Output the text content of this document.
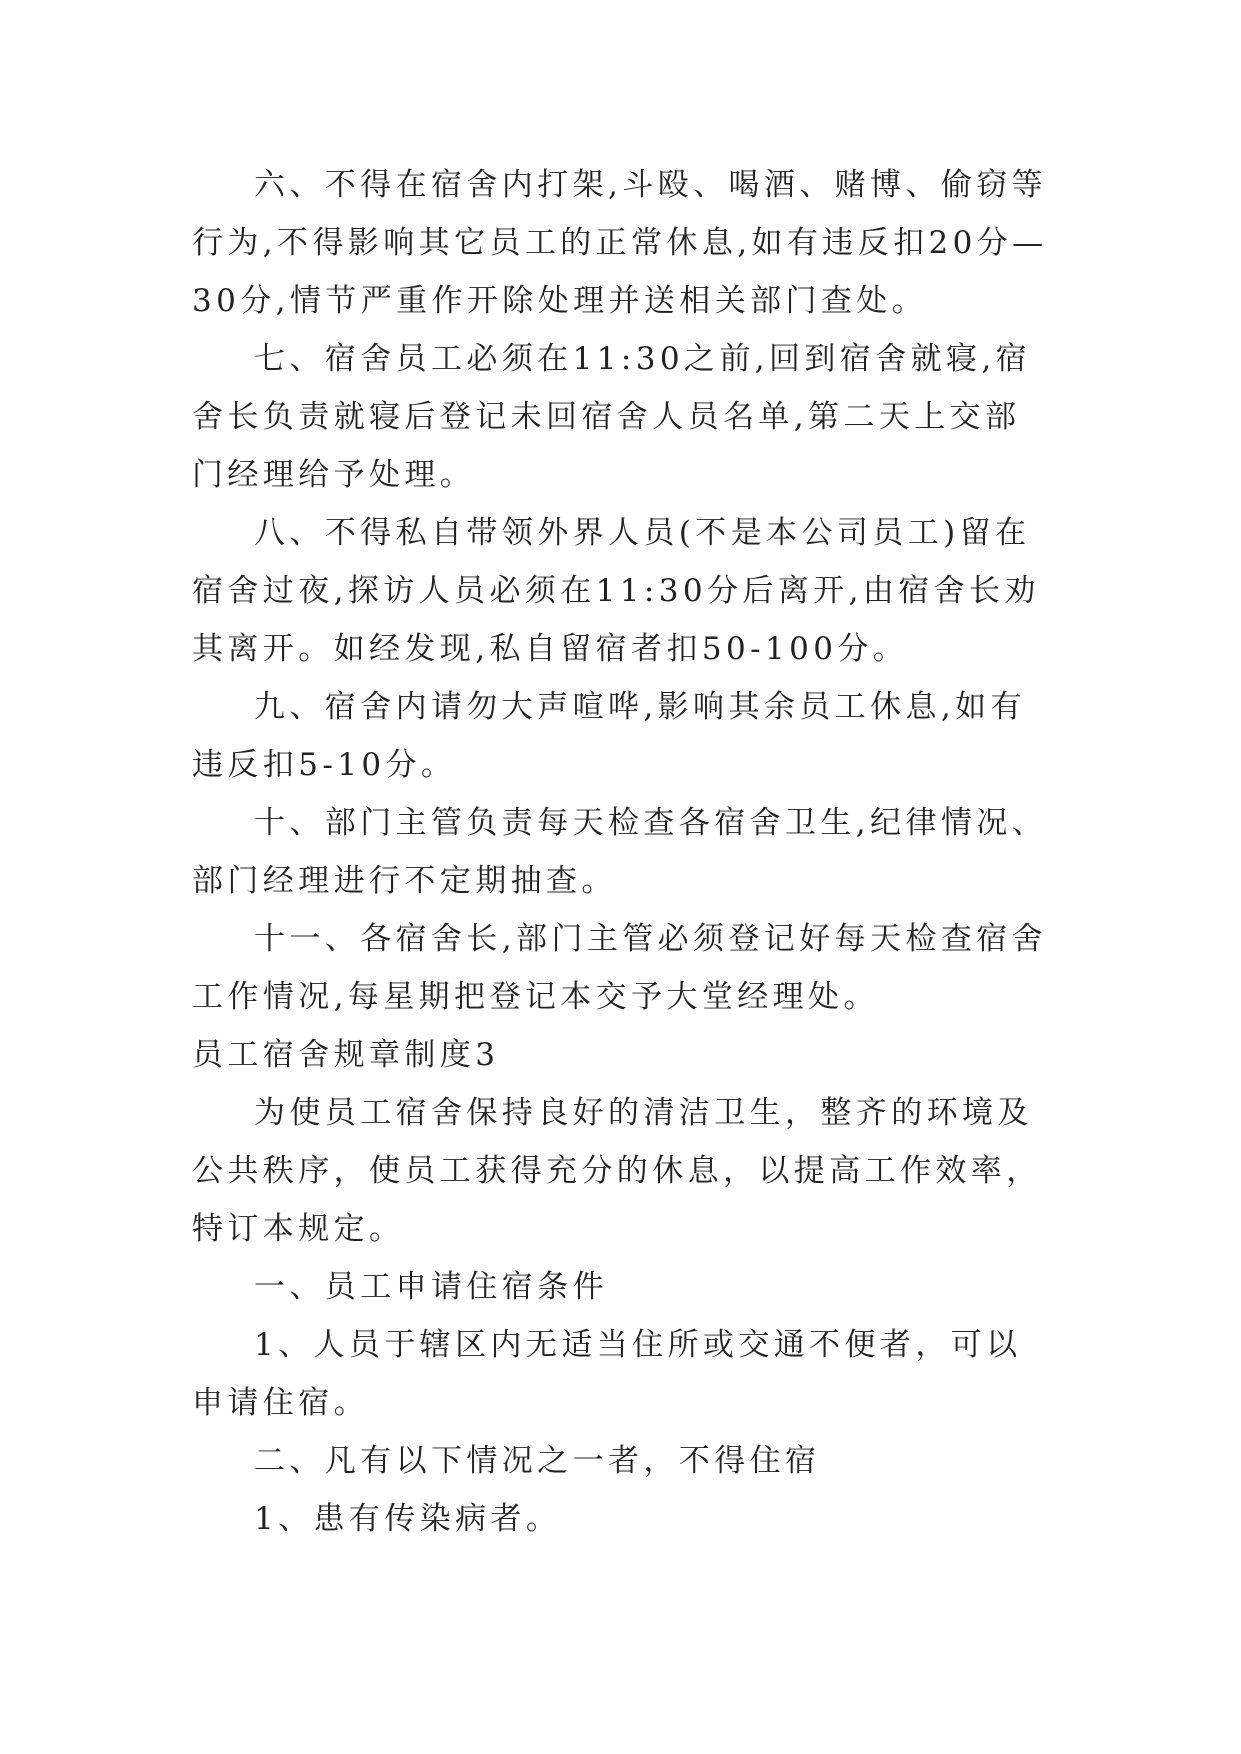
六、不得在宿舍内打架,斗殴、喝酒、赌博、偷窃等行为,不得影响其它员工的正常休息,如有违反扣20分—30分,情节严重作开除处理并送相关部门查处。

七、宿舍员工必须在11:30之前,回到宿舍就寝,宿舍长负责就寝后登记未回宿舍人员名单,第二天上交部门经理给予处理。

八、不得私自带领外界人员(不是本公司员工)留在宿舍过夜,探访人员必须在11:30分后离开,由宿舍长劝其离开。如经发现,私自留宿者扣50-100分。

九、宿舍内请勿大声喧哗,影响其余员工休息,如有违反扣5-10分。

十、部门主管负责每天检查各宿舍卫生,纪律情况、部门经理进行不定期抽查。

十一、各宿舍长,部门主管必须登记好每天检查宿舍工作情况,每星期把登记本交予大堂经理处。

员工宿舍规章制度3

为使员工宿舍保持良好的清洁卫生，整齐的环境及公共秩序，使员工获得充分的休息，以提高工作效率，特订本规定。

一、员工申请住宿条件

1、人员于辖区内无适当住所或交通不便者，可以申请住宿。

二、凡有以下情况之一者，不得住宿

1、患有传染病者。
